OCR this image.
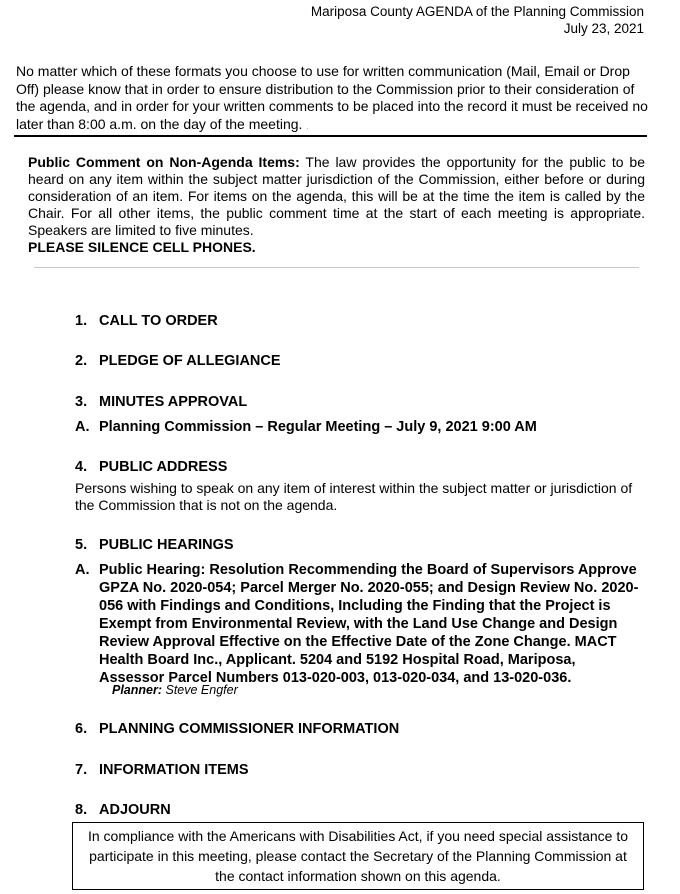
Mariposa County AGENDA of the Planning Commission
July 23, 2021
No matter which of these formats you choose to use for written communication (Mail, Email or Drop Off) please know that in order to ensure distribution to the Commission prior to their consideration of the agenda, and in order for your written comments to be placed into the record it must be received no later than 8:00 a.m. on the day of the meeting. .
Public Comment on Non-Agenda Items: The law provides the opportunity for the public to be heard on any item within the subject matter jurisdiction of the Commission, either before or during consideration of an item. For items on the agenda, this will be at the time the item is called by the Chair. For all other items, the public comment time at the start of each meeting is appropriate. Speakers are limited to five minutes.
PLEASE SILENCE CELL PHONES.
1. CALL TO ORDER
2. PLEDGE OF ALLEGIANCE
3. MINUTES APPROVAL
A. Planning Commission – Regular Meeting – July 9, 2021 9:00 AM
4. PUBLIC ADDRESS
Persons wishing to speak on any item of interest within the subject matter or jurisdiction of the Commission that is not on the agenda.
5. PUBLIC HEARINGS
A. Public Hearing: Resolution Recommending the Board of Supervisors Approve
GPZA No. 2020-054; Parcel Merger No. 2020-055; and Design Review No. 2020-
056 with Findings and Conditions, Including the Finding that the Project is
Exempt from Environmental Review, with the Land Use Change and Design
Review Approval Effective on the Effective Date of the Zone Change. MACT
Health Board Inc., Applicant. 5204 and 5192 Hospital Road, Mariposa,
Assessor Parcel Numbers 013-020-003, 013-020-034, and 13-020-036.
Planner: Steve Engfer
6. PLANNING COMMISSIONER INFORMATION
7. INFORMATION ITEMS
8. ADJOURN
In compliance with the Americans with Disabilities Act, if you need special assistance to
participate in this meeting, please contact the Secretary of the Planning Commission at
the contact information shown on this agenda.
